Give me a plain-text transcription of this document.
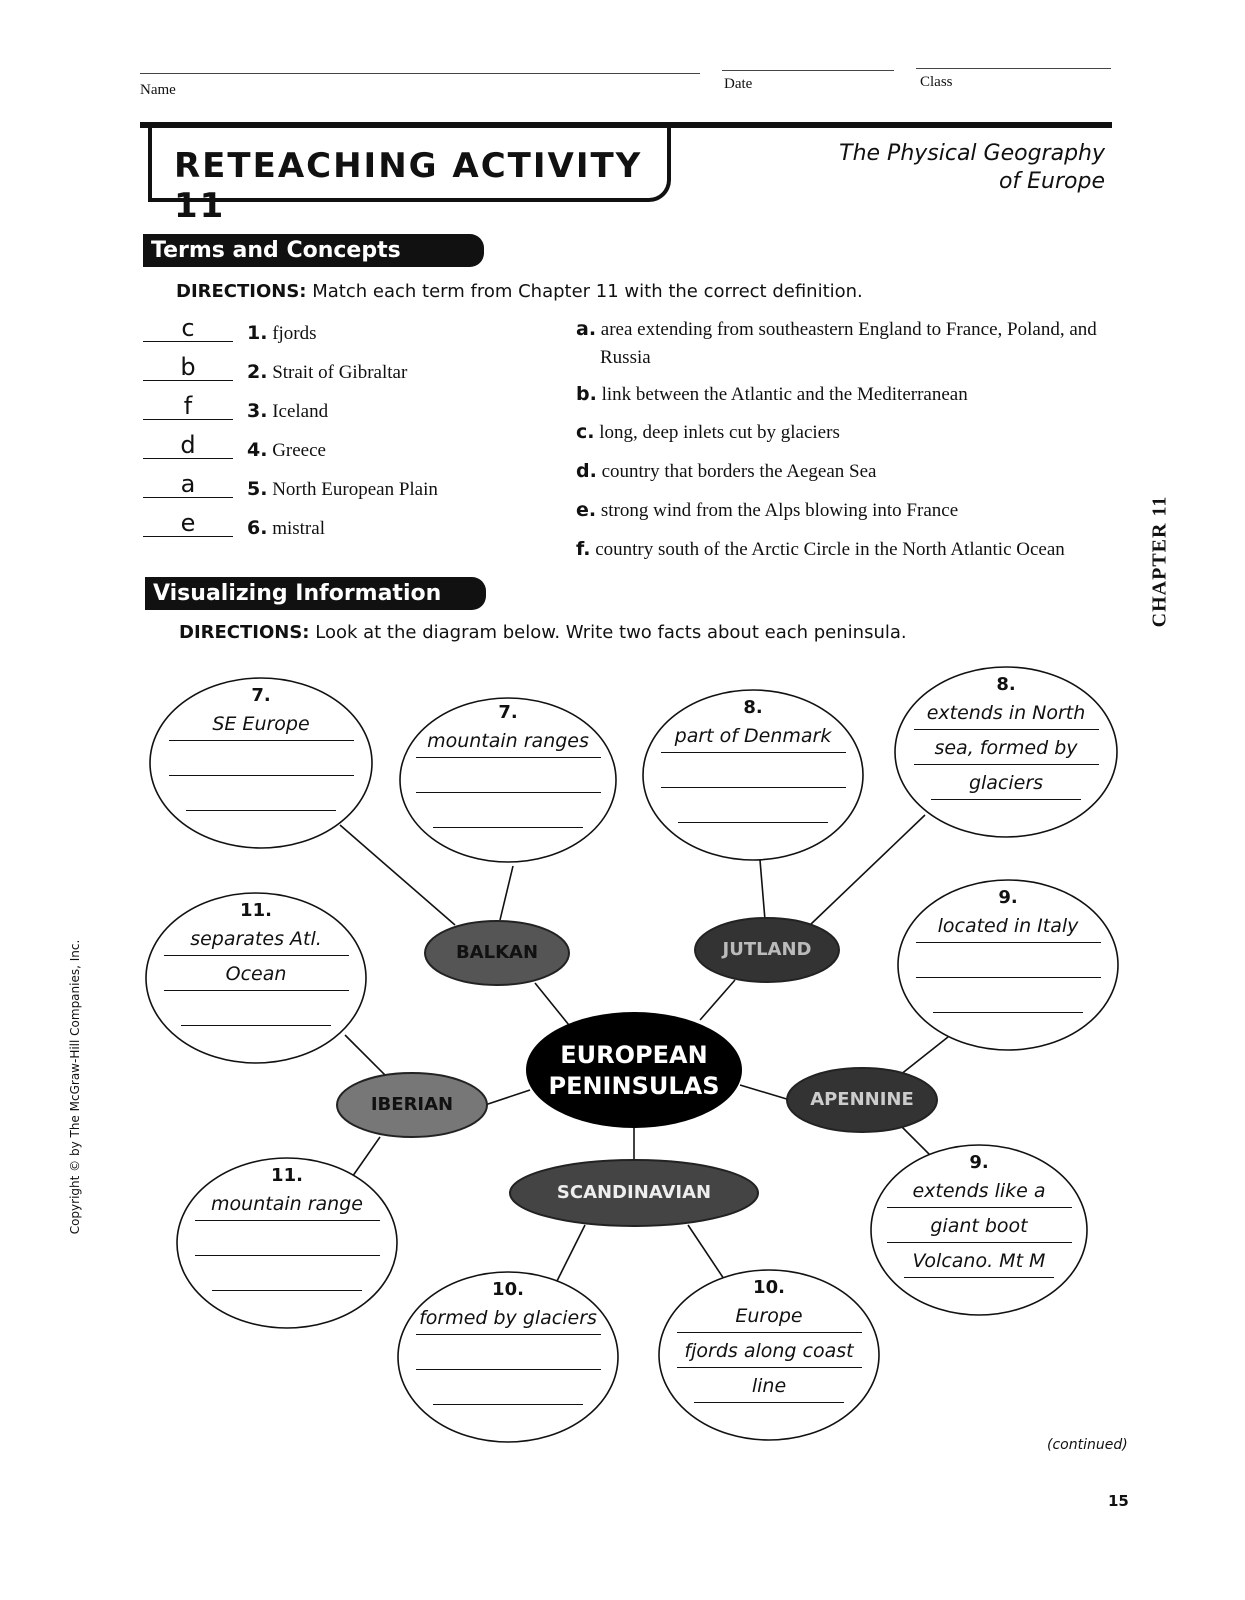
Name	Date	Class
RETEACHING ACTIVITY 11
The Physical Geography
of Europe
Terms and Concepts
DIRECTIONS: Match each term from Chapter 11 with the correct definition.
c	1. fjords
b	2. Strait of Gibraltar
f	3. Iceland
d	4. Greece
a	5. North European Plain
e	6. mistral
a. area extending from southeastern England to France, Poland, and Russia
b. link between the Atlantic and the Mediterranean
c. long, deep inlets cut by glaciers
d. country that borders the Aegean Sea
e. strong wind from the Alps blowing into France
f. country south of the Arctic Circle in the North Atlantic Ocean
Visualizing Information
DIRECTIONS: Look at the diagram below. Write two facts about each peninsula.
EUROPEAN
PENINSULAS
BALKAN	JUTLAND
IBERIAN	APENNINE
SCANDINAVIAN
7.
SE Europe
7.
mountain ranges
8.
part of Denmark
8.
extends in North
sea, formed by
glaciers
11.
separates Atl.
Ocean
9.
located in Italy
11.
mountain range
9.
extends like a
giant boot
Volcano. Mt M
10.
formed by glaciers
10.
Europe
fjords along coast
line
CHAPTER 11
Copyright © by The McGraw-Hill Companies, Inc.
(continued)
15
